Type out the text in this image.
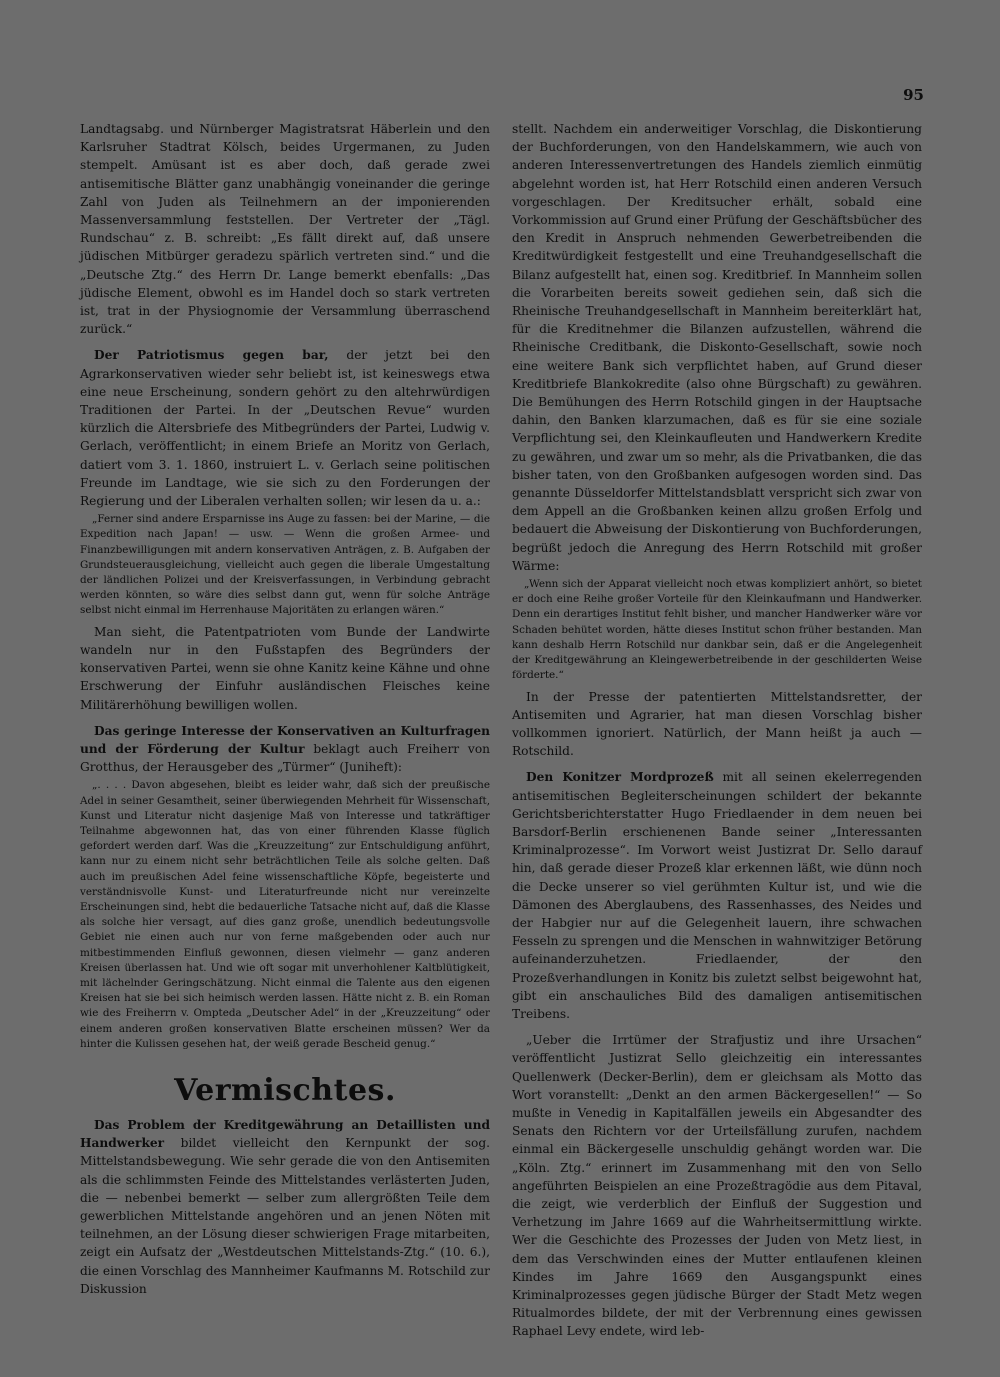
95

Landtagsabg. und Nürnberger Magistratsrat Häberlein und den Karlsruher Stadtrat Kölsch, beides Urgermanen, zu Juden stempelt. Amüsant ist es aber doch, daß gerade zwei antisemitische Blätter ganz unabhängig voneinander die geringe Zahl von Juden als Teilnehmern an der imponierenden Massenversammlung feststellen. Der Vertreter der „Tägl. Rundschau“ z. B. schreibt: „Es fällt direkt auf, daß unsere jüdischen Mitbürger geradezu spärlich vertreten sind.“ und die „Deutsche Ztg.“ des Herrn Dr. Lange bemerkt ebenfalls: „Das jüdische Element, obwohl es im Handel doch so stark vertreten ist, trat in der Physiognomie der Versammlung überraschend zurück.“

Der Patriotismus gegen bar, der jetzt bei den Agrarkonservativen wieder sehr beliebt ist, ist keineswegs etwa eine neue Erscheinung, sondern gehört zu den altehrwürdigen Traditionen der Partei. In der „Deutschen Revue“ wurden kürzlich die Altersbriefe des Mitbegründers der Partei, Ludwig v. Gerlach, veröffentlicht; in einem Briefe an Moritz von Gerlach, datiert vom 3. 1. 1860, instruiert L. v. Gerlach seine politischen Freunde im Landtage, wie sie sich zu den Forderungen der Regierung und der Liberalen verhalten sollen; wir lesen da u. a.:

„Ferner sind andere Ersparnisse ins Auge zu fassen: bei der Marine, — die Expedition nach Japan! — usw. — Wenn die großen Armee- und Finanzbewilligungen mit andern konservativen Anträgen, z. B. Aufgaben der Grundsteuerausgleichung, vielleicht auch gegen die liberale Umgestaltung der ländlichen Polizei und der Kreisverfassungen, in Verbindung gebracht werden könnten, so wäre dies selbst dann gut, wenn für solche Anträge selbst nicht einmal im Herrenhause Majoritäten zu erlangen wären.“

Man sieht, die Patentpatrioten vom Bunde der Landwirte wandeln nur in den Fußstapfen des Begründers der konservativen Partei, wenn sie ohne Kanitz keine Kähne und ohne Erschwerung der Einfuhr ausländischen Fleisches keine Militärerhöhung bewilligen wollen.

Das geringe Interesse der Konservativen an Kulturfragen und der Förderung der Kultur beklagt auch Freiherr von Grotthus, der Herausgeber des „Türmer“ (Juniheft):

„. . . . Davon abgesehen, bleibt es leider wahr, daß sich der preußische Adel in seiner Gesamtheit, seiner überwiegenden Mehrheit für Wissenschaft, Kunst und Literatur nicht dasjenige Maß von Interesse und tatkräftiger Teilnahme abgewonnen hat, das von einer führenden Klasse füglich gefordert werden darf. Was die „Kreuzzeitung“ zur Entschuldigung anführt, kann nur zu einem nicht sehr beträchtlichen Teile als solche gelten. Daß auch im preußischen Adel feine wissenschaftliche Köpfe, begeisterte und verständnisvolle Kunst- und Literaturfreunde nicht nur vereinzelte Erscheinungen sind, hebt die bedauerliche Tatsache nicht auf, daß die Klasse als solche hier versagt, auf dies ganz große, unendlich bedeutungsvolle Gebiet nie einen auch nur von ferne maßgebenden oder auch nur mitbestimmenden Einfluß gewonnen, diesen vielmehr — ganz anderen Kreisen überlassen hat. Und wie oft sogar mit unverhohlener Kaltblütigkeit, mit lächelnder Geringschätzung. Nicht einmal die Talente aus den eigenen Kreisen hat sie bei sich heimisch werden lassen. Hätte nicht z. B. ein Roman wie des Freiherrn v. Ompteda „Deutscher Adel“ in der „Kreuzzeitung“ oder einem anderen großen konservativen Blatte erscheinen müssen? Wer da hinter die Kulissen gesehen hat, der weiß gerade Bescheid genug.“

Vermischtes.

Das Problem der Kreditgewährung an Detaillisten und Handwerker bildet vielleicht den Kernpunkt der sog. Mittelstandsbewegung. Wie sehr gerade die von den Antisemiten als die schlimmsten Feinde des Mittelstandes verlästerten Juden, die — nebenbei bemerkt — selber zum allergrößten Teile dem gewerblichen Mittelstande angehören und an jenen Nöten mit teilnehmen, an der Lösung dieser schwierigen Frage mitarbeiten, zeigt ein Aufsatz der „Westdeutschen Mittelstands-Ztg.“ (10. 6.), die einen Vorschlag des Mannheimer Kaufmanns M. Rotschild zur Diskussion

stellt. Nachdem ein anderweitiger Vorschlag, die Diskontierung der Buchforderungen, von den Handelskammern, wie auch von anderen Interessenvertretungen des Handels ziemlich einmütig abgelehnt worden ist, hat Herr Rotschild einen anderen Versuch vorgeschlagen. Der Kreditsucher erhält, sobald eine Vorkommission auf Grund einer Prüfung der Geschäftsbücher des den Kredit in Anspruch nehmenden Gewerbetreibenden die Kreditwürdigkeit festgestellt und eine Treuhandgesellschaft die Bilanz aufgestellt hat, einen sog. Kreditbrief. In Mannheim sollen die Vorarbeiten bereits soweit gediehen sein, daß sich die Rheinische Treuhandgesellschaft in Mannheim bereiterklärt hat, für die Kreditnehmer die Bilanzen aufzustellen, während die Rheinische Creditbank, die Diskonto-Gesellschaft, sowie noch eine weitere Bank sich verpflichtet haben, auf Grund dieser Kreditbriefe Blankokredite (also ohne Bürgschaft) zu gewähren. Die Bemühungen des Herrn Rotschild gingen in der Hauptsache dahin, den Banken klarzumachen, daß es für sie eine soziale Verpflichtung sei, den Kleinkaufleuten und Handwerkern Kredite zu gewähren, und zwar um so mehr, als die Privatbanken, die das bisher taten, von den Großbanken aufgesogen worden sind. Das genannte Düsseldorfer Mittelstandsblatt verspricht sich zwar von dem Appell an die Großbanken keinen allzu großen Erfolg und bedauert die Abweisung der Diskontierung von Buchforderungen, begrüßt jedoch die Anregung des Herrn Rotschild mit großer Wärme:

„Wenn sich der Apparat vielleicht noch etwas kompliziert anhört, so bietet er doch eine Reihe großer Vorteile für den Kleinkaufmann und Handwerker. Denn ein derartiges Institut fehlt bisher, und mancher Handwerker wäre vor Schaden behütet worden, hätte dieses Institut schon früher bestanden. Man kann deshalb Herrn Rotschild nur dankbar sein, daß er die Angelegenheit der Kreditgewährung an Kleingewerbetreibende in der geschilderten Weise förderte.“

In der Presse der patentierten Mittelstandsretter, der Antisemiten und Agrarier, hat man diesen Vorschlag bisher vollkommen ignoriert. Natürlich, der Mann heißt ja auch — Rotschild.

Den Konitzer Mordprozeß mit all seinen ekelerregenden antisemitischen Begleiterscheinungen schildert der bekannte Gerichtsberichterstatter Hugo Friedlaender in dem neuen bei Barsdorf-Berlin erschienenen Bande seiner „Interessanten Kriminalprozesse“. Im Vorwort weist Justizrat Dr. Sello darauf hin, daß gerade dieser Prozeß klar erkennen läßt, wie dünn noch die Decke unserer so viel gerühmten Kultur ist, und wie die Dämonen des Aberglaubens, des Rassenhasses, des Neides und der Habgier nur auf die Gelegenheit lauern, ihre schwachen Fesseln zu sprengen und die Menschen in wahnwitziger Betörung aufeinanderzuhetzen. Friedlaender, der den Prozeßverhandlungen in Konitz bis zuletzt selbst beigewohnt hat, gibt ein anschauliches Bild des damaligen antisemitischen Treibens.

„Ueber die Irrtümer der Strafjustiz und ihre Ursachen“ veröffentlicht Justizrat Sello gleichzeitig ein interessantes Quellenwerk (Decker-Berlin), dem er gleichsam als Motto das Wort voranstellt: „Denkt an den armen Bäckergesellen!“ — So mußte in Venedig in Kapitalfällen jeweils ein Abgesandter des Senats den Richtern vor der Urteilsfällung zurufen, nachdem einmal ein Bäckergeselle unschuldig gehängt worden war. Die „Köln. Ztg.“ erinnert im Zusammenhang mit den von Sello angeführten Beispielen an eine Prozeßtragödie aus dem Pitaval, die zeigt, wie verderblich der Einfluß der Suggestion und Verhetzung im Jahre 1669 auf die Wahrheitsermittlung wirkte. Wer die Geschichte des Prozesses der Juden von Metz liest, in dem das Verschwinden eines der Mutter entlaufenen kleinen Kindes im Jahre 1669 den Ausgangspunkt eines Kriminalprozesses gegen jüdische Bürger der Stadt Metz wegen Ritualmordes bildete, der mit der Verbrennung eines gewissen Raphael Levy endete, wird leb-
